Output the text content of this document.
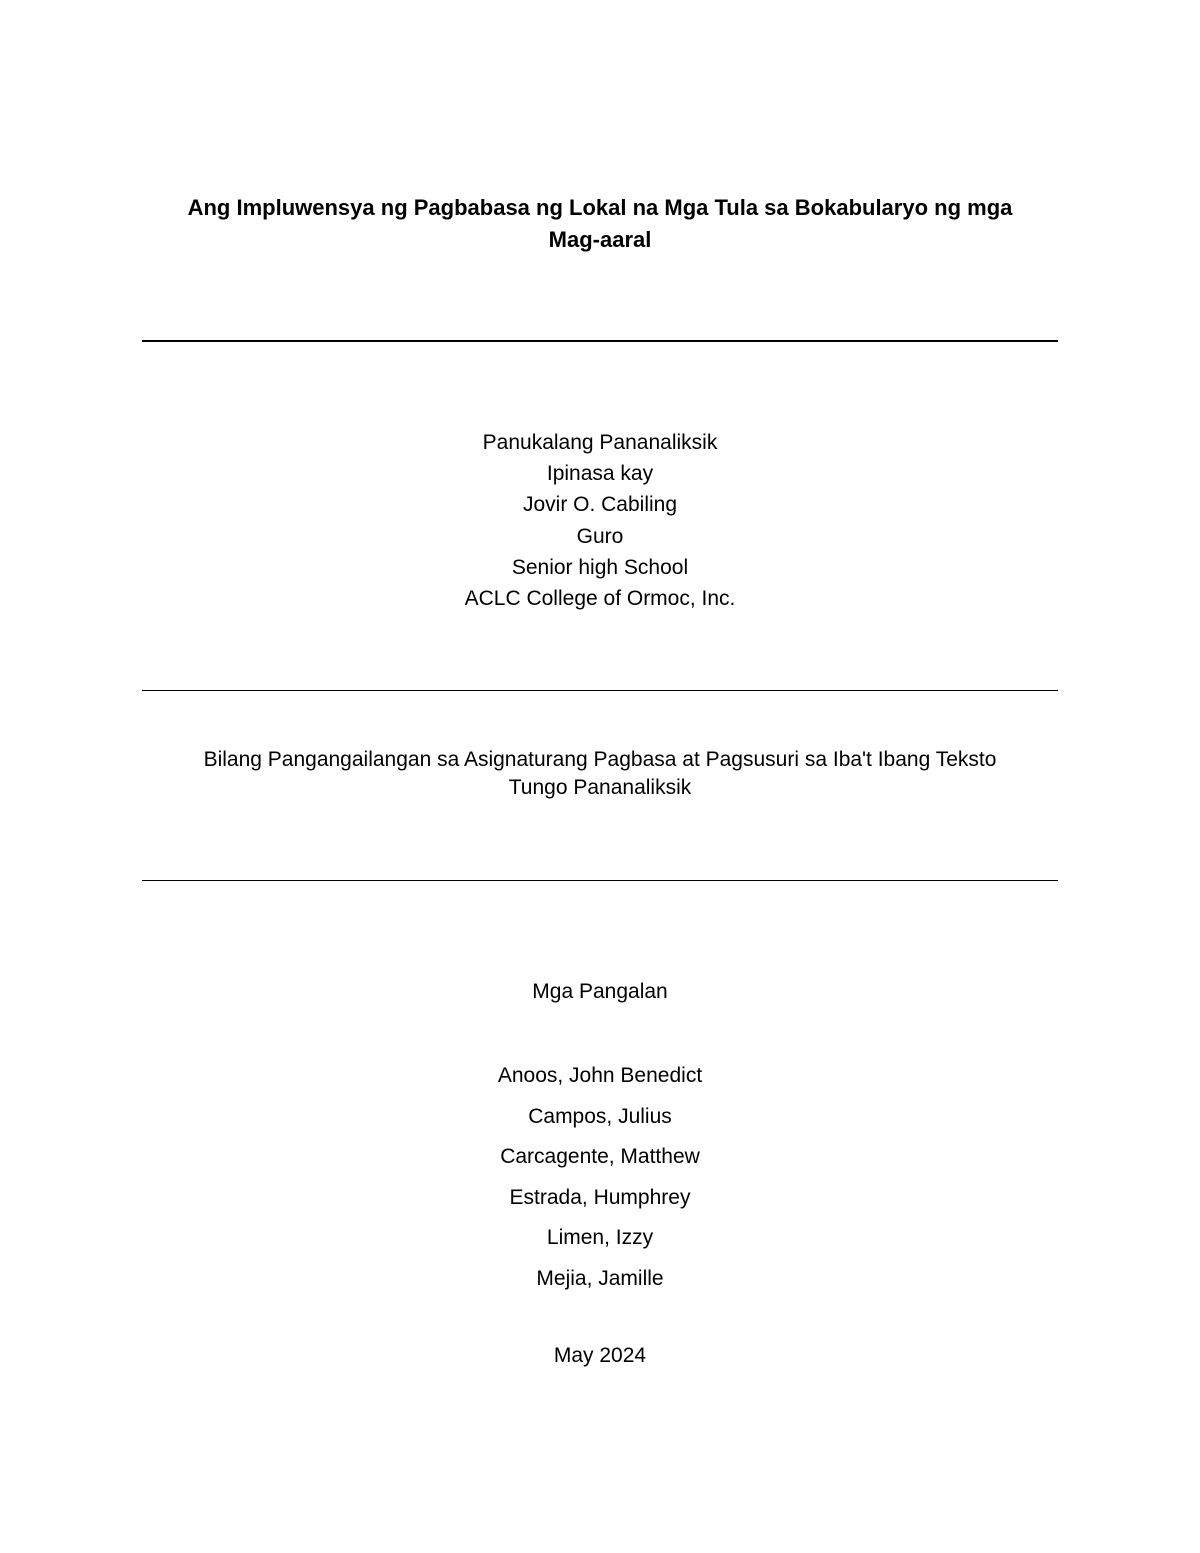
Ang Impluwensya ng Pagbabasa ng Lokal na Mga Tula sa Bokabularyo ng mga
Mag-aaral
Panukalang Pananaliksik
Ipinasa kay
Jovir O. Cabiling
Guro
Senior high School
ACLC College of Ormoc, Inc.
Bilang Pangangailangan sa Asignaturang Pagbasa at Pagsusuri sa Iba't Ibang Teksto
Tungo Pananaliksik
Mga Pangalan
Anoos, John Benedict
Campos, Julius
Carcagente, Matthew
Estrada, Humphrey
Limen, Izzy
Mejia, Jamille
May 2024
